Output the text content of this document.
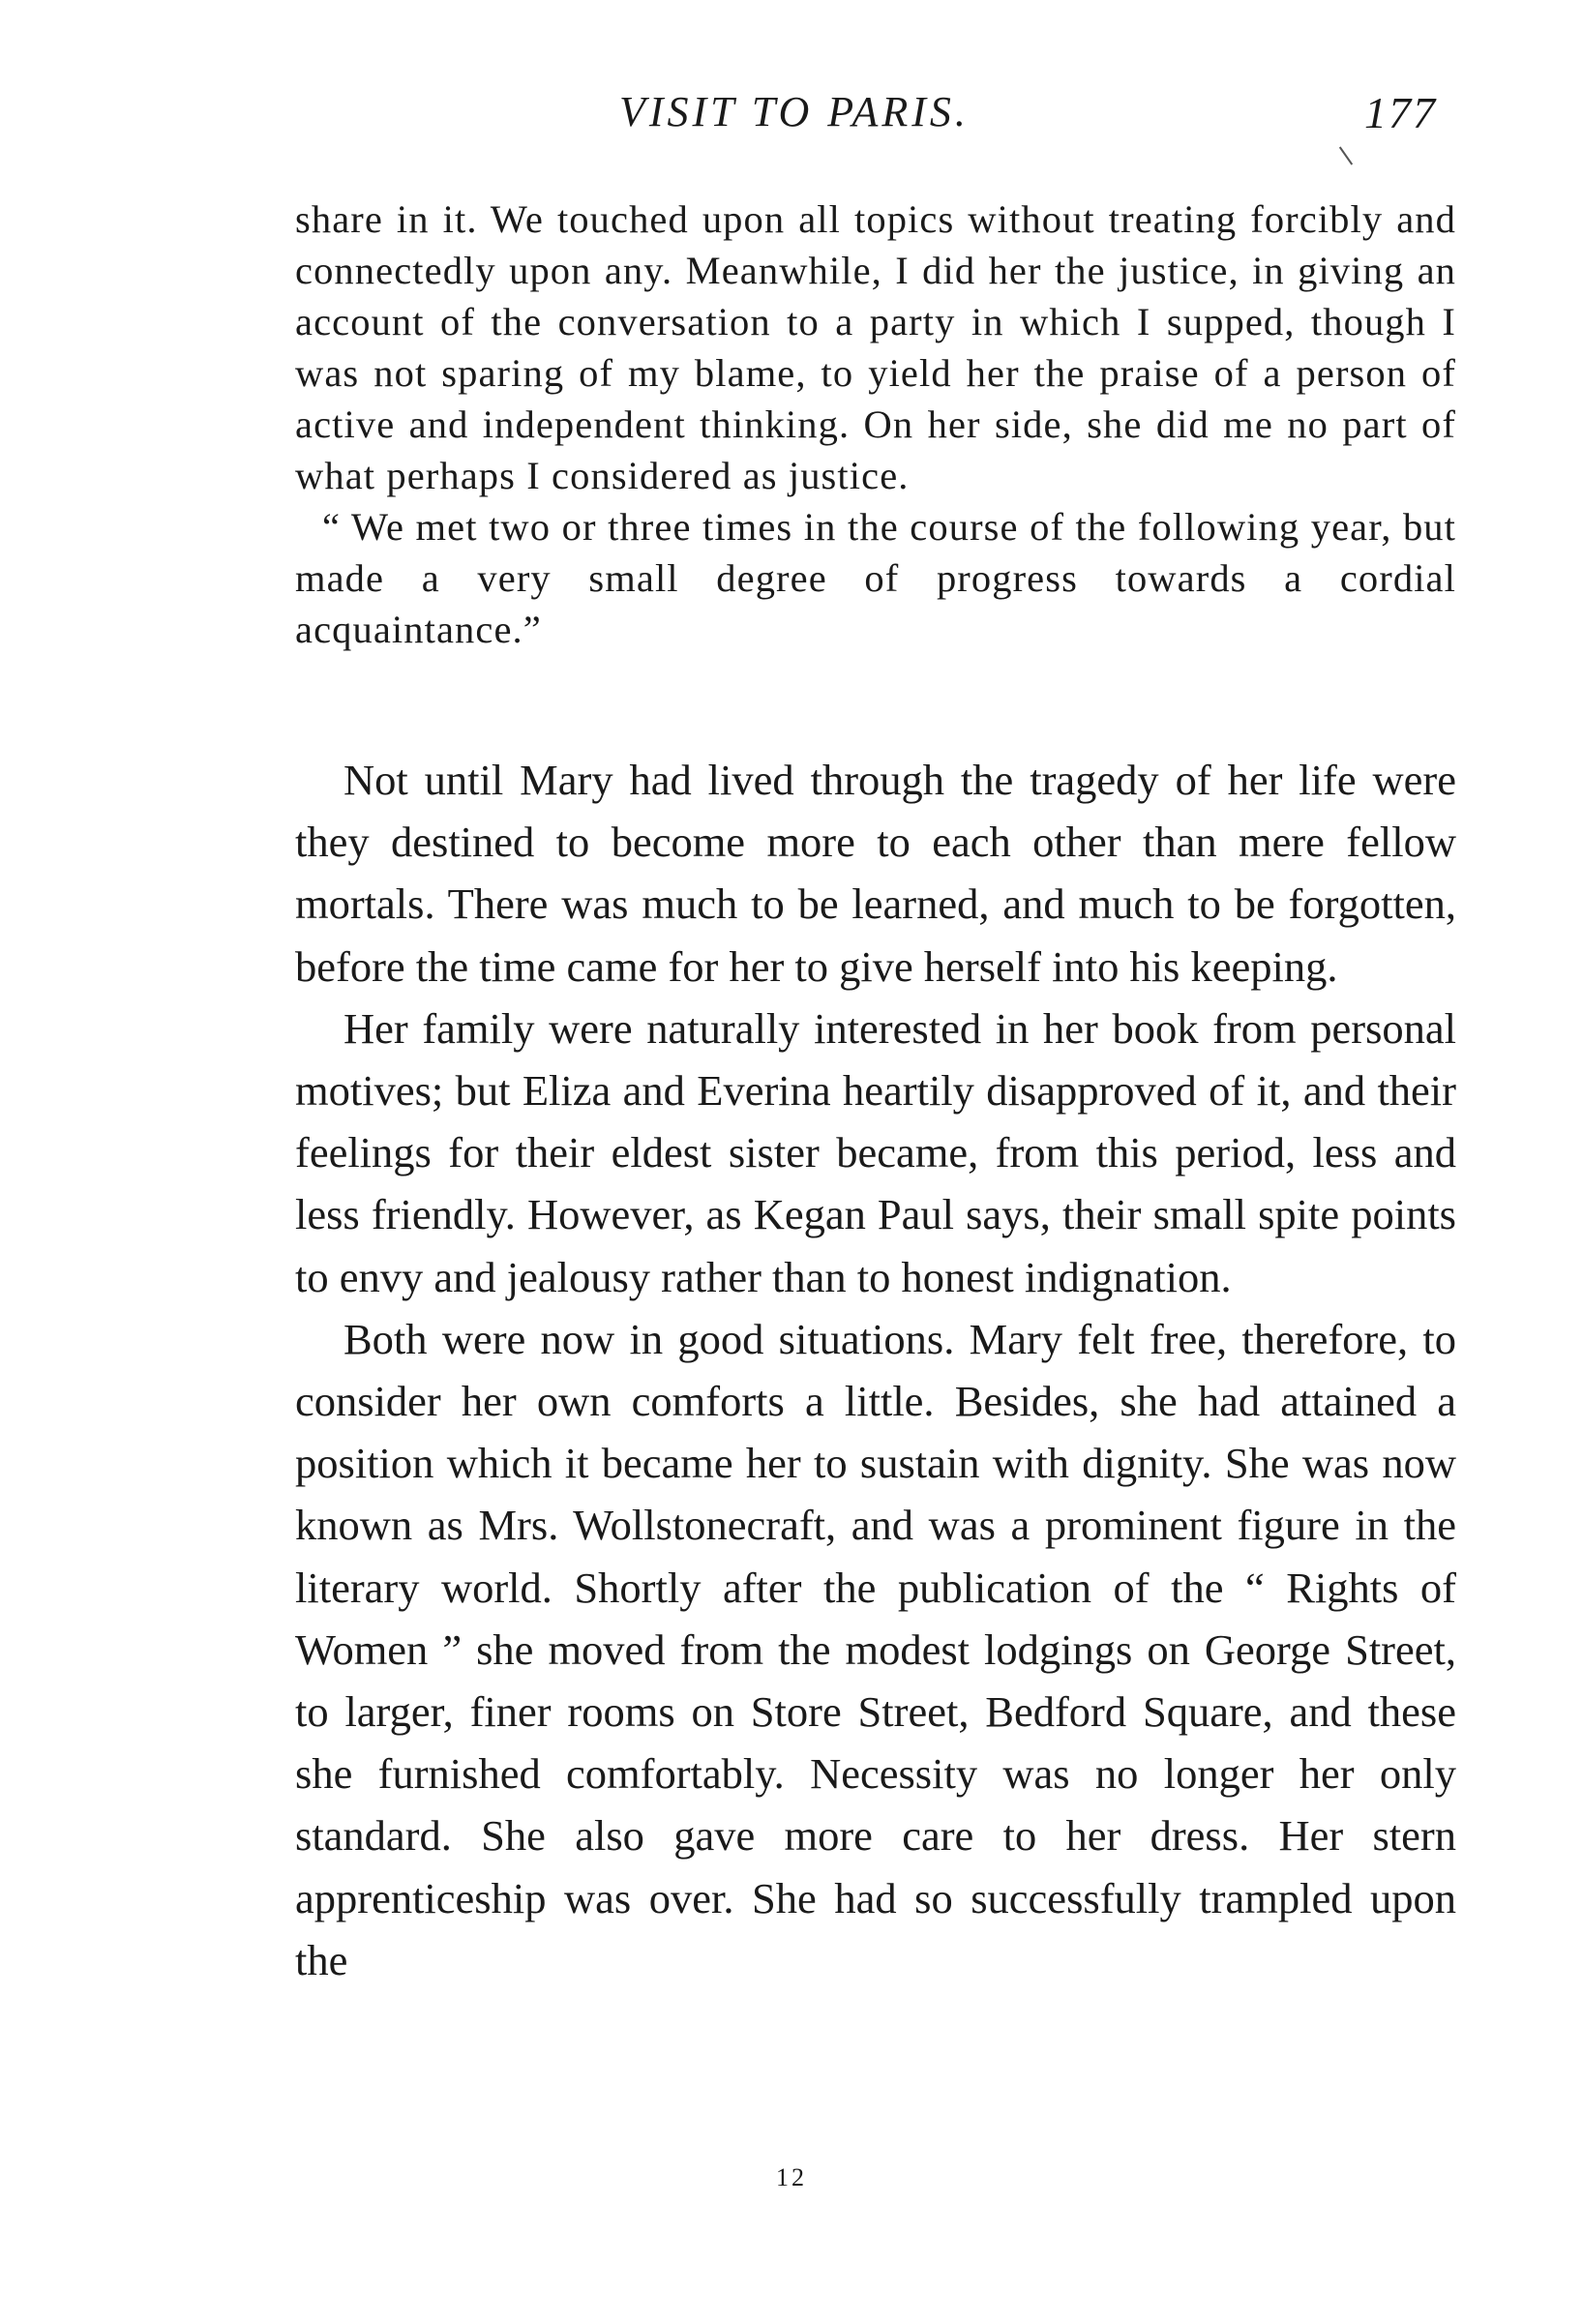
VISIT TO PARIS.	177

share in it. We touched upon all topics without treating forcibly and connectedly upon any. Meanwhile, I did her the justice, in giving an account of the conversation to a party in which I supped, though I was not sparing of my blame, to yield her the praise of a person of active and independent thinking. On her side, she did me no part of what perhaps I considered as justice.

“ We met two or three times in the course of the following year, but made a very small degree of progress towards a cordial acquaintance.”

Not until Mary had lived through the tragedy of her life were they destined to become more to each other than mere fellow mortals. There was much to be learned, and much to be forgotten, before the time came for her to give herself into his keeping.

Her family were naturally interested in her book from personal motives; but Eliza and Everina heartily disapproved of it, and their feelings for their eldest sister became, from this period, less and less friendly. However, as Kegan Paul says, their small spite points to envy and jealousy rather than to honest indignation.

Both were now in good situations. Mary felt free, therefore, to consider her own comforts a little. Besides, she had attained a position which it became her to sustain with dignity. She was now known as Mrs. Wollstonecraft, and was a prominent figure in the literary world. Shortly after the publication of the “ Rights of Women ” she moved from the modest lodgings on George Street, to larger, finer rooms on Store Street, Bedford Square, and these she furnished comfortably. Necessity was no longer her only standard. She also gave more care to her dress. Her stern apprenticeship was over. She had so successfully trampled upon the

12
